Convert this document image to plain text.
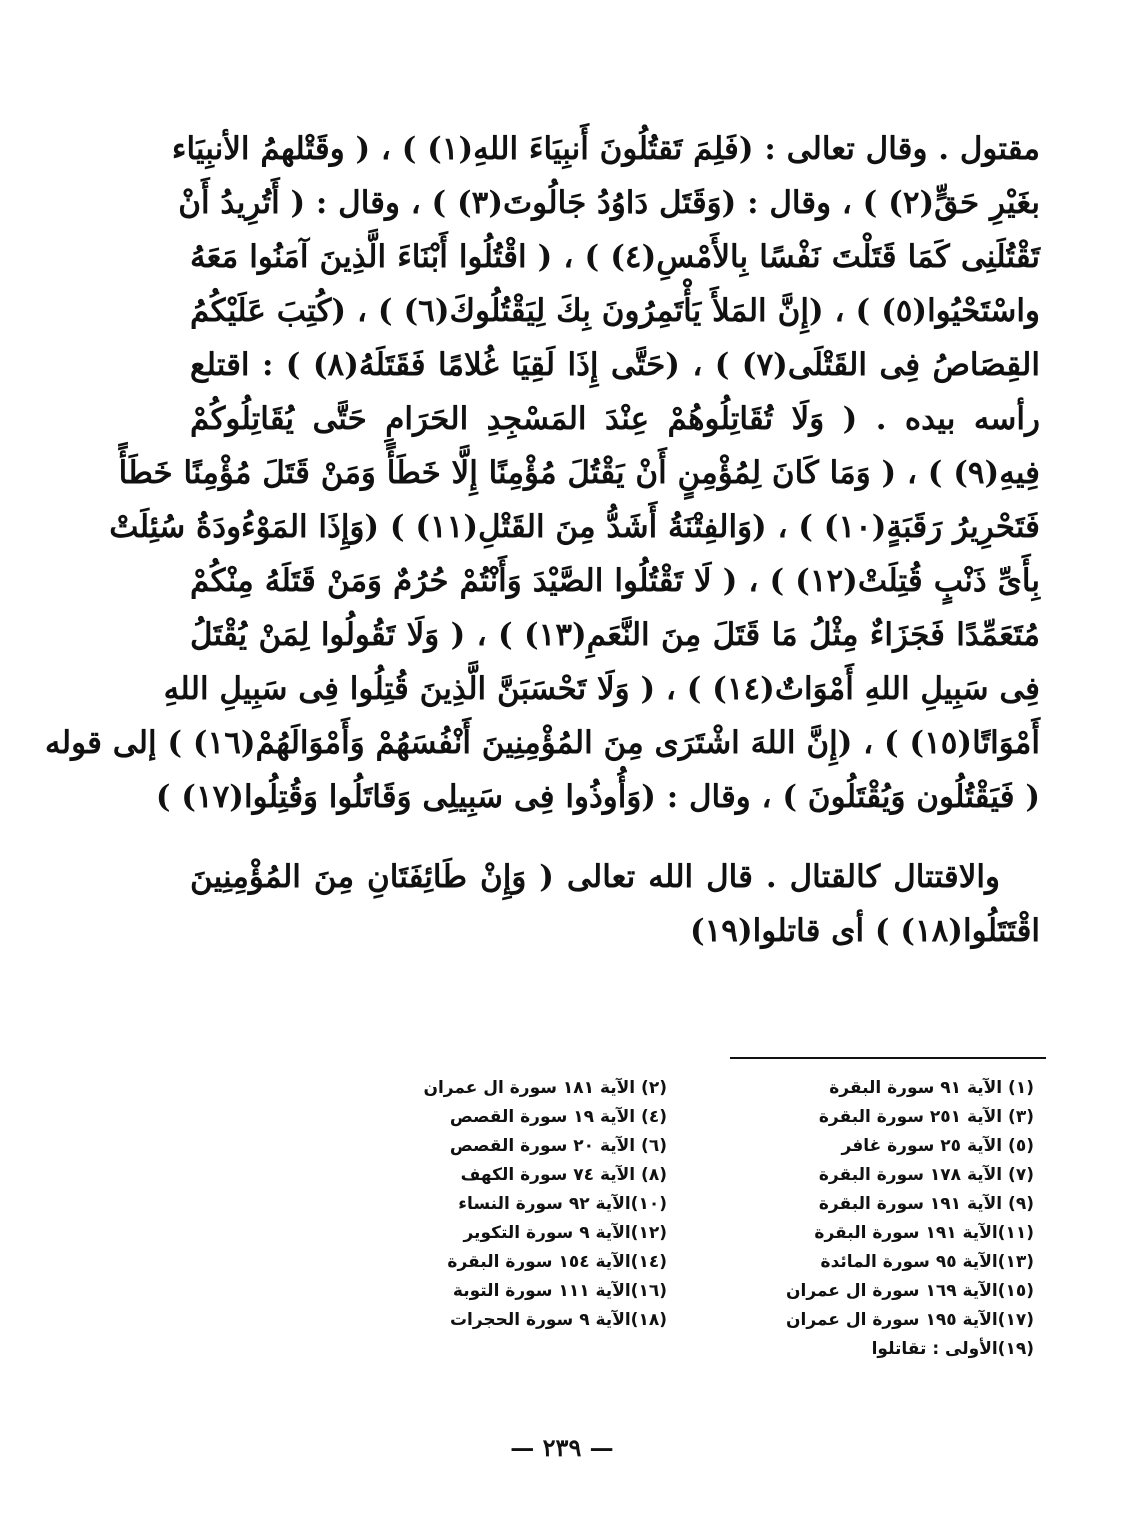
مقتول . وقال تعالى : (فَلِمَ تَقتُلُونَ أَنبِيَاءَ اللهِ(١) ) ، ( وقَتْلهمُ الأنبِيَاء
بغَيْرِ حَقٍّ(٢) ) ، وقال : (وَقَتَل دَاوُدُ جَالُوتَ(٣) ) ، وقال : ( أَتُرِيدُ أَنْ
تَقْتُلَنِى كَمَا قَتَلْتَ نَفْسًا بِالأَمْسِ(٤) ) ، ( اقْتُلُوا أَبْنَاءَ الَّذِينَ آمَنُوا مَعَهُ
واسْتَحْيُوا(٥) ) ، (إِنَّ المَلأَ يَأْتَمِرُونَ بِكَ لِيَقْتُلُوكَ(٦) ) ، (كُتِبَ عَلَيْكُمُ
القِصَاصُ فِى القَتْلَى(٧) ) ، (حَتَّى إِذَا لَقِيَا غُلامًا فَقَتَلَهُ(٨) ) : اقتلع
رأسه بيده . ( وَلَا تُقَاتِلُوهُمْ عِنْدَ المَسْجِدِ الحَرَامِ حَتَّى يُقَاتِلُوكُمْ
فِيهِ(٩) ) ، ( وَمَا كَانَ لِمُؤْمِنٍ أَنْ يَقْتُلَ مُؤْمِنًا إِلَّا خَطَأً وَمَنْ قَتَلَ مُؤْمِنًا خَطَأً
فَتَحْرِيرُ رَقَبَةٍ(١٠) ) ، (وَالفِتْنَةُ أَشَدُّ مِنَ القَتْلِ(١١) ) (وَإِذَا المَوْءُودَةُ سُئِلَتْ
بِأَىِّ ذَنْبٍ قُتِلَتْ(١٢) ) ، ( لَا تَقْتُلُوا الصَّيْدَ وَأَنْتُمْ حُرُمٌ وَمَنْ قَتَلَهُ مِنْكُمْ
مُتَعَمِّدًا فَجَزَاءٌ مِثْلُ مَا قَتَلَ مِنَ النَّعَمِ(١٣) ) ، ( وَلَا تَقُولُوا لِمَنْ يُقْتَلُ
فِى سَبِيلِ اللهِ أَمْوَاتٌ(١٤) ) ، ( وَلَا تَحْسَبَنَّ الَّذِينَ قُتِلُوا فِى سَبِيلِ اللهِ
أَمْوَاتًا(١٥) ) ، (إِنَّ اللهَ اشْتَرَى مِنَ المُؤْمِنِينَ أَنْفُسَهُمْ وَأَمْوَالَهُمْ(١٦) ) إلى قوله
( فَيَقْتُلُون وَيُقْتَلُونَ ) ، وقال : (وَأُوذُوا فِى سَبِيلِى وَقَاتَلُوا وَقُتِلُوا(١٧) )
والاقتتال كالقتال . قال الله تعالى ( وَإِنْ طَائِفَتَانِ مِنَ المُؤْمِنِينَ
اقْتَتَلُوا(١٨) ) أى قاتلوا(١٩)
(١) الآية ٩١ سورة البقرة
(٣) الآية ٢٥١ سورة البقرة
(٥) الآية ٢٥ سورة غافر
(٧) الآية ١٧٨ سورة البقرة
(٩) الآية ١٩١ سورة البقرة
(١١)الآية ١٩١ سورة البقرة
(١٣)الآية ٩٥ سورة المائدة
(١٥)الآية ١٦٩ سورة ال عمران
(١٧)الآية ١٩٥ سورة ال عمران
(١٩)الأولى : تقاتلوا
(٢) الآية ١٨١ سورة ال عمران
(٤) الآية ١٩ سورة القصص
(٦) الآية ٢٠ سورة القصص
(٨) الآية ٧٤ سورة الكهف
(١٠)الآية ٩٢ سورة النساء
(١٢)الآية ٩ سورة التكوير
(١٤)الآية ١٥٤ سورة البقرة
(١٦)الآية ١١١ سورة التوبة
(١٨)الآية ٩ سورة الحجرات
— ٢٣٩ —
